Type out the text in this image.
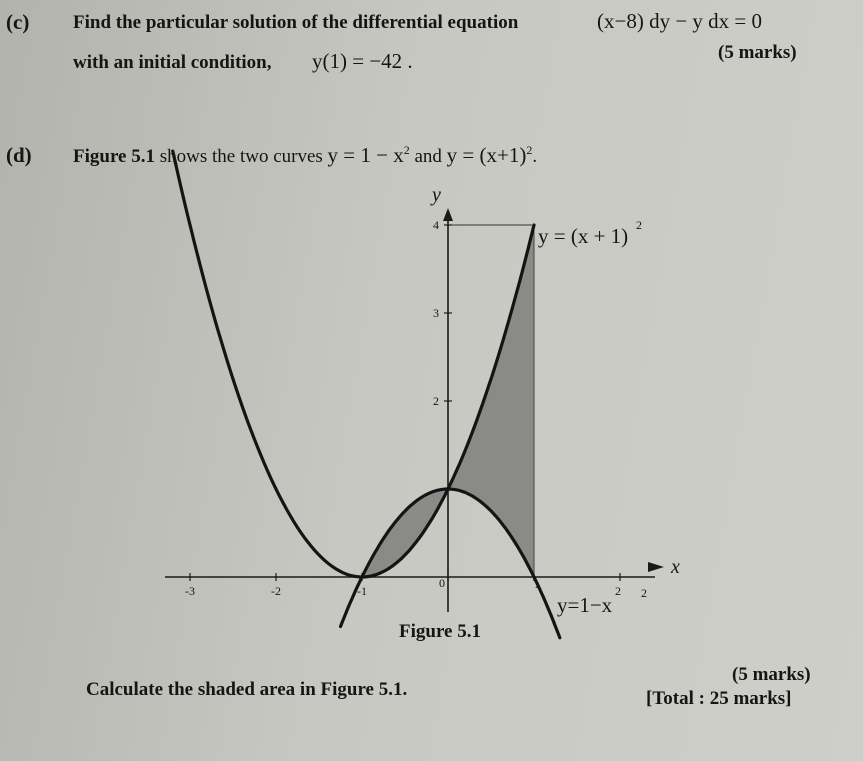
(c) Find the particular solution of the differential equation	(x−8) dy − y dx = 0
with an initial condition, y(1) = −42 .	(5 marks)
(d) Figure 5.1 shows the two curves $y = 1 - x^2$ and $y = (x+1)^2$.
x
y
-3	-2	-1	2
0	1
2
3
4	y = (x + 1) 2
y=1−x 2
Figure 5.1
Calculate the shaded area in Figure 5.1.
(5 marks)
[Total : 25 marks]
